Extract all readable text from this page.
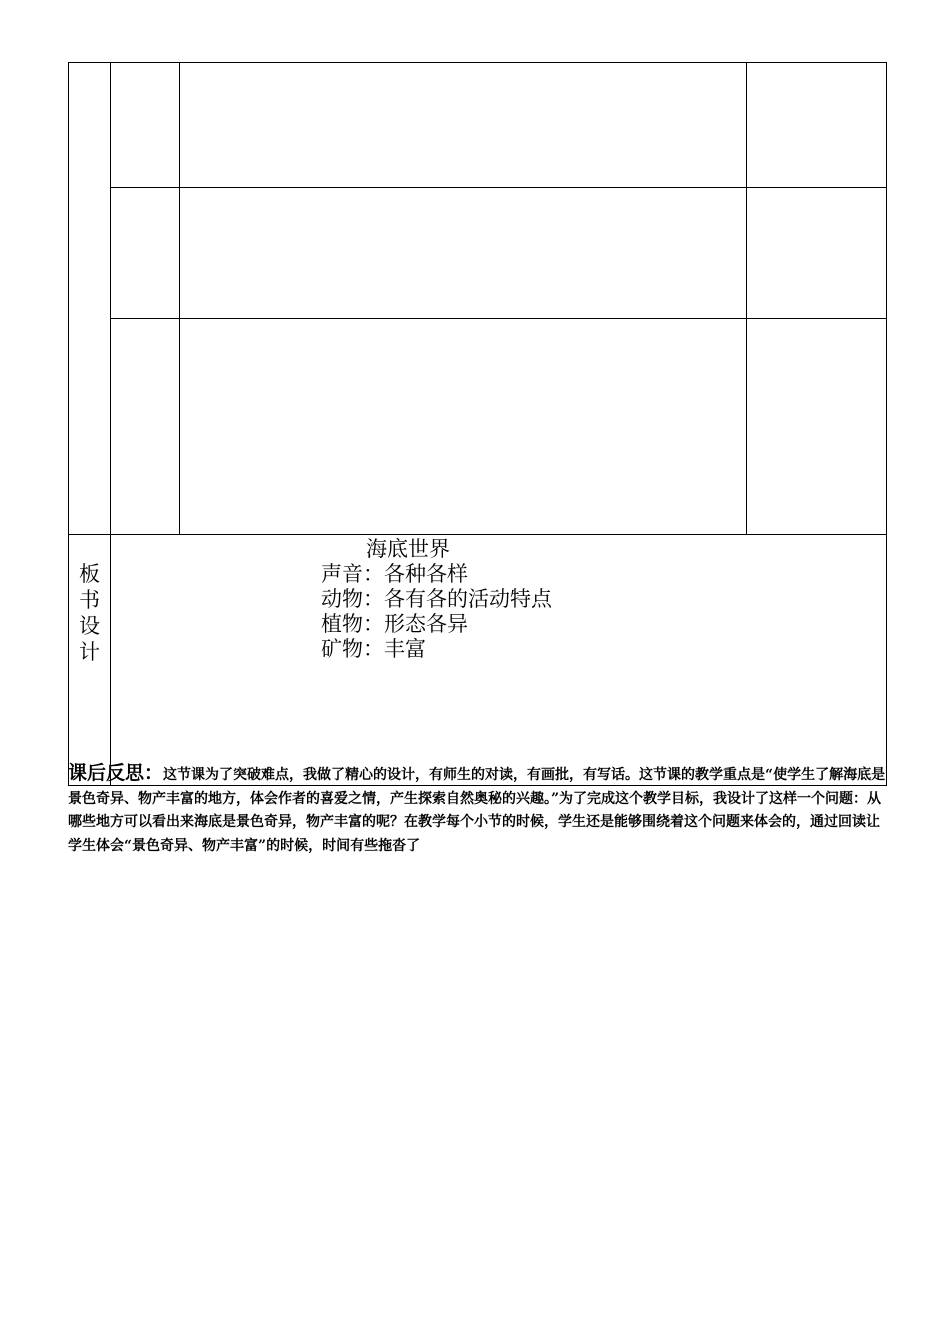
板
书
设
计	海底世界
声音：各种各样
动物：各有各的活动特点
植物：形态各异
矿物：丰富		
课后反思：这节课为了突破难点，我做了精心的设计，有师生的对读，有画批，有写话。这节课的教学重点是“使学生了解海底是景色奇异、物产丰富的地方，体会作者的喜爱之情，产生探索自然奥秘的兴趣。”为了完成这个教学目标，我设计了这样一个问题：从哪些地方可以看出来海底是景色奇异，物产丰富的呢？在教学每个小节的时候，学生还是能够围绕着这个问题来体会的，通过回读让学生体会“景色奇异、物产丰富”的时候，时间有些拖沓了
